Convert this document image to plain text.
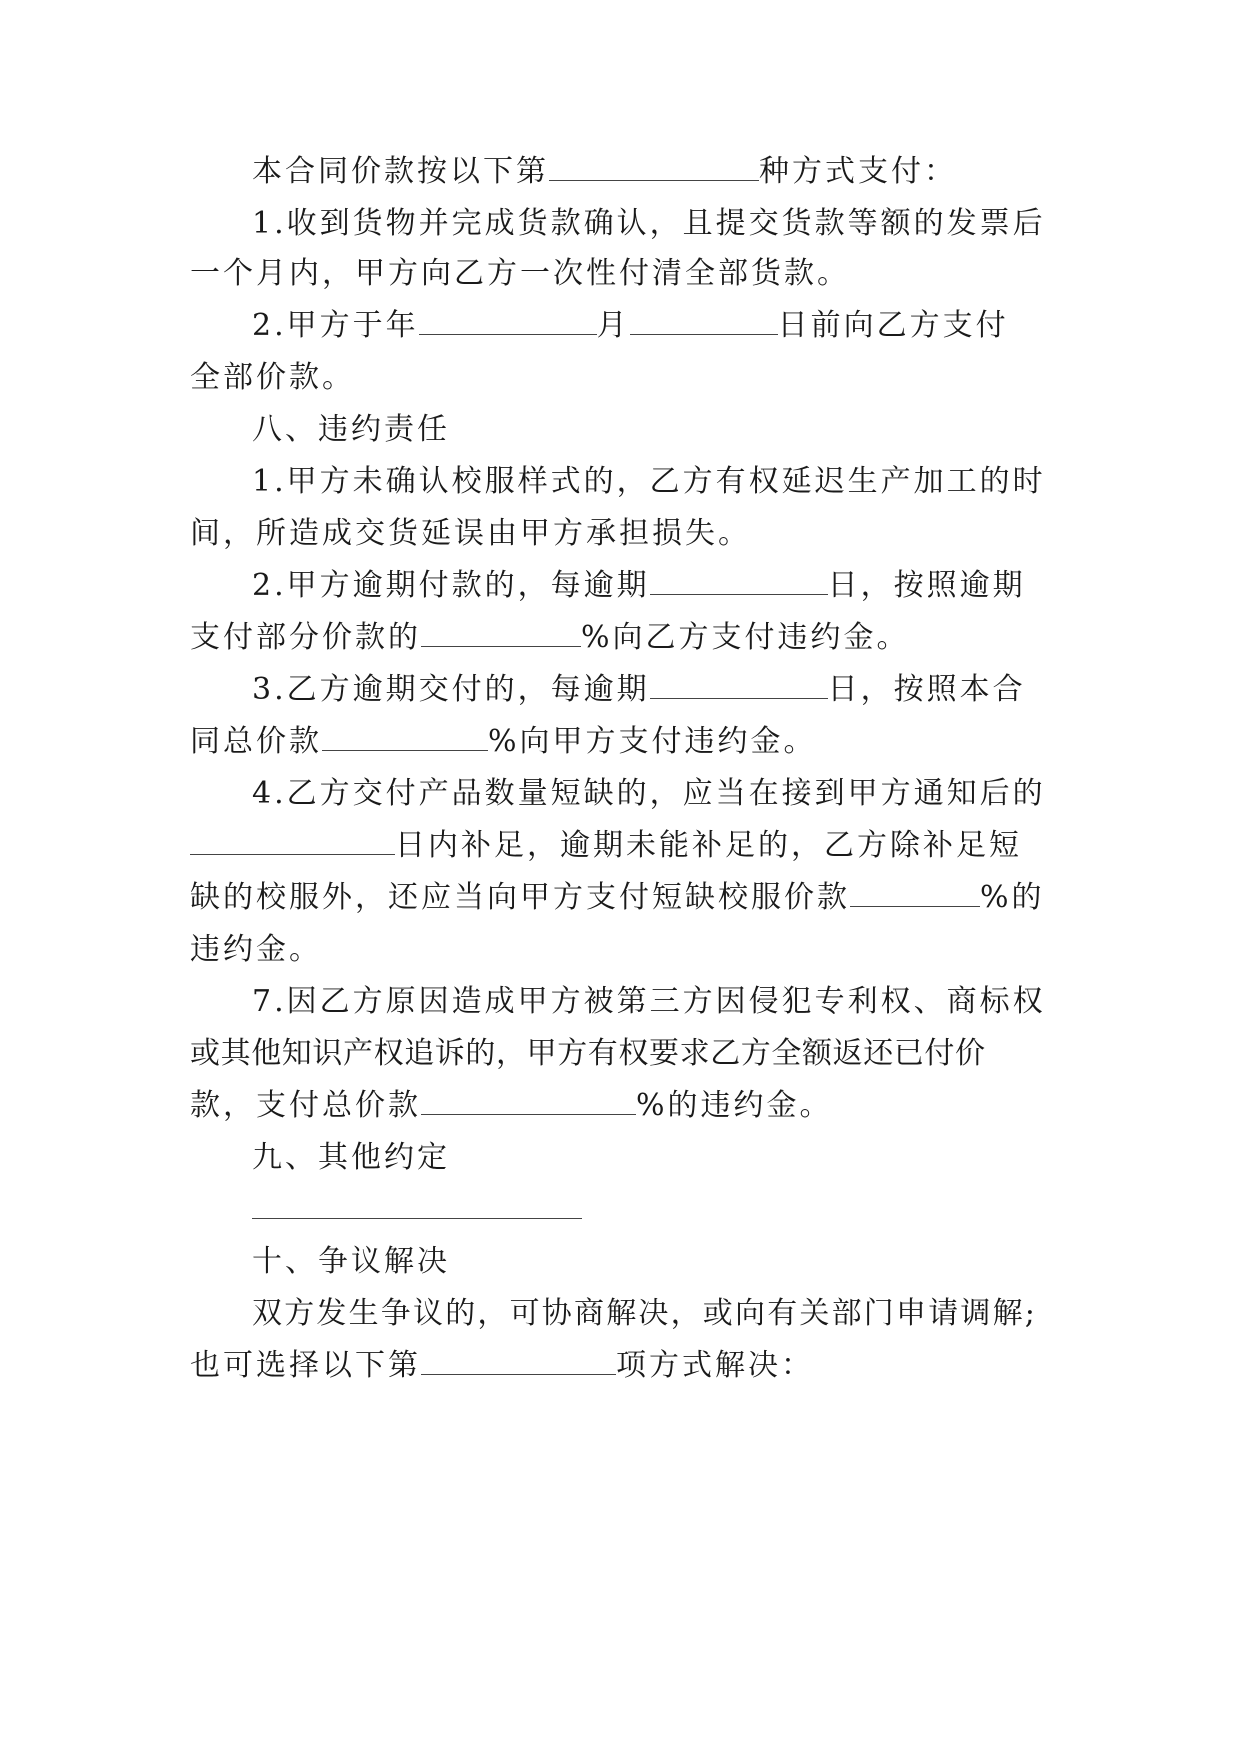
本合同价款按以下第	种方式支付：
1.收到货物并完成货款确认，且提交货款等额的发票后
一个月内，甲方向乙方一次性付清全部货款。
2.甲方于年	月	日前向乙方支付
全部价款。
八、违约责任
1.甲方未确认校服样式的，乙方有权延迟生产加工的时
间，所造成交货延误由甲方承担损失。
2.甲方逾期付款的，每逾期	日，按照逾期
支付部分价款的	%向乙方支付违约金。
3.乙方逾期交付的，每逾期	日，按照本合
同总价款	%向甲方支付违约金。
4.乙方交付产品数量短缺的，应当在接到甲方通知后的
日内补足，逾期未能补足的，乙方除补足短
缺的校服外，还应当向甲方支付短缺校服价款	%的
违约金。
7.因乙方原因造成甲方被第三方因侵犯专利权、商标权
或其他知识产权追诉的，甲方有权要求乙方全额返还已付价
款，支付总价款	%的违约金。
九、其他约定
十、争议解决
双方发生争议的，可协商解决，或向有关部门申请调解;
也可选择以下第	项方式解决：
